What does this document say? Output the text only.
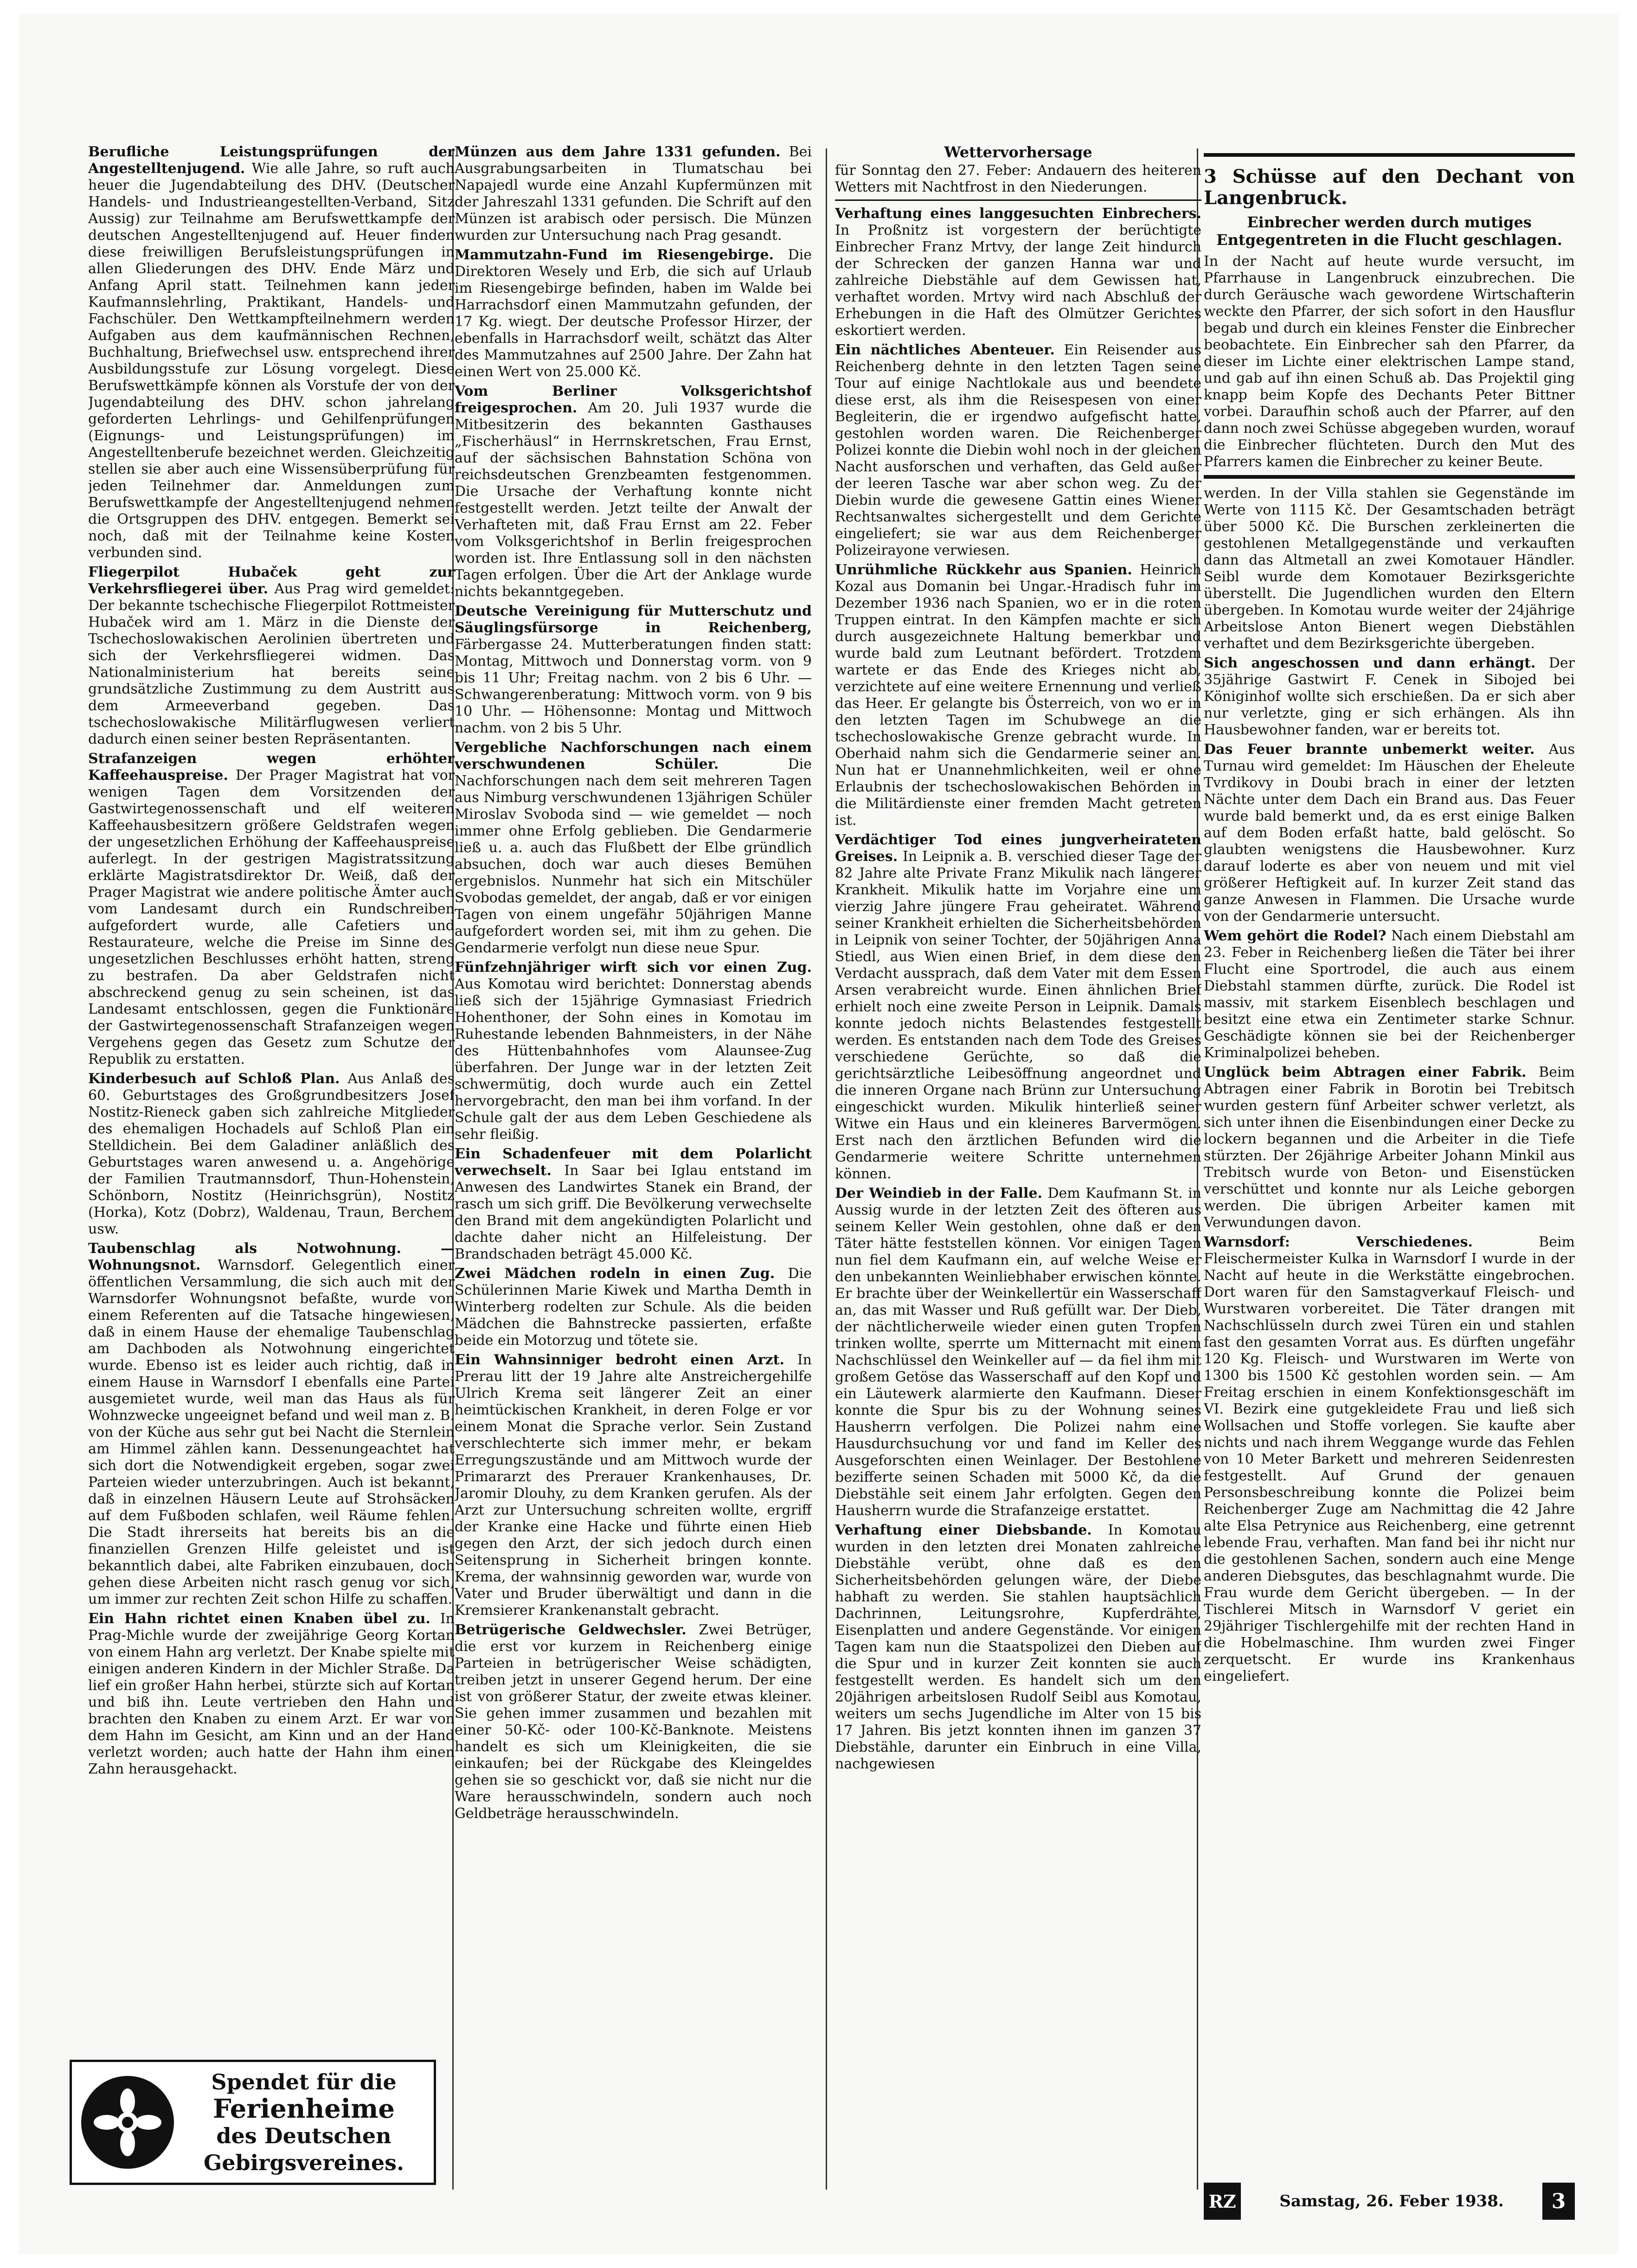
Berufliche Leistungsprüfungen der Angestelltenjugend. Wie alle Jahre, so ruft auch heuer die Jugendabteilung des DHV. (Deutscher Handels- und Industrieangestellten-Verband, Sitz Aussig) zur Teilnahme am Berufswettkampfe der deutschen Angestelltenjugend auf. Heuer finden diese freiwilligen Berufsleistungsprüfungen in allen Gliederungen des DHV. Ende März und Anfang April statt. Teilnehmen kann jeder Kaufmannslehrling, Praktikant, Handels- und Fachschüler. Den Wettkampfteilnehmern werden Aufgaben aus dem kaufmännischen Rechnen, Buchhaltung, Briefwechsel usw. entsprechend ihrer Ausbildungsstufe zur Lösung vorgelegt. Diese Berufswettkämpfe können als Vorstufe der von der Jugendabteilung des DHV. schon jahrelang geforderten Lehrlings- und Gehilfenprüfungen (Eignungs- und Leistungsprüfungen) im Angestelltenberufe bezeichnet werden. Gleichzeitig stellen sie aber auch eine Wissensüberprüfung für jeden Teilnehmer dar. Anmeldungen zum Berufswettkampfe der Angestelltenjugend nehmen die Ortsgruppen des DHV. entgegen. Bemerkt sei noch, daß mit der Teilnahme keine Kosten verbunden sind.

Fliegerpilot Hubaček geht zur Verkehrsfliegerei über. Aus Prag wird gemeldet: Der bekannte tschechische Fliegerpilot Rottmeister Hubaček wird am 1. März in die Dienste der Tschechoslowakischen Aerolinien übertreten und sich der Verkehrsfliegerei widmen. Das Nationalministerium hat bereits seine grundsätzliche Zustimmung zu dem Austritt aus dem Armeeverband gegeben. Das tschechoslowakische Militärflugwesen verliert dadurch einen seiner besten Repräsentanten.

Strafanzeigen wegen erhöhter Kaffeehauspreise. Der Prager Magistrat hat vor wenigen Tagen dem Vorsitzenden der Gastwirtegenossenschaft und elf weiteren Kaffeehausbesitzern größere Geldstrafen wegen der ungesetzlichen Erhöhung der Kaffeehauspreise auferlegt. In der gestrigen Magistratssitzung erklärte Magistratsdirektor Dr. Weiß, daß der Prager Magistrat wie andere politische Ämter auch vom Landesamt durch ein Rundschreiben aufgefordert wurde, alle Cafetiers und Restaurateure, welche die Preise im Sinne des ungesetzlichen Beschlusses erhöht hatten, streng zu bestrafen. Da aber Geldstrafen nicht abschreckend genug zu sein scheinen, ist das Landesamt entschlossen, gegen die Funktionäre der Gastwirtegenossenschaft Strafanzeigen wegen Vergehens gegen das Gesetz zum Schutze der Republik zu erstatten.

Kinderbesuch auf Schloß Plan. Aus Anlaß des 60. Geburtstages des Großgrundbesitzers Josef Nostitz-Rieneck gaben sich zahlreiche Mitglieder des ehemaligen Hochadels auf Schloß Plan ein Stelldichein. Bei dem Galadiner anläßlich des Geburtstages waren anwesend u. a. Angehörige der Familien Trautmannsdorf, Thun-Hohenstein, Schönborn, Nostitz (Heinrichsgrün), Nostitz (Horka), Kotz (Dobrz), Waldenau, Traun, Berchem usw.

Taubenschlag als Notwohnung. — Wohnungsnot. Warnsdorf. Gelegentlich einer öffentlichen Versammlung, die sich auch mit der Warnsdorfer Wohnungsnot befaßte, wurde von einem Referenten auf die Tatsache hingewiesen, daß in einem Hause der ehemalige Taubenschlag am Dachboden als Notwohnung eingerichtet wurde. Ebenso ist es leider auch richtig, daß in einem Hause in Warnsdorf I ebenfalls eine Partei ausgemietet wurde, weil man das Haus als für Wohnzwecke ungeeignet befand und weil man z. B. von der Küche aus sehr gut bei Nacht die Sternlein am Himmel zählen kann. Dessenungeachtet hat sich dort die Notwendigkeit ergeben, sogar zwei Parteien wieder unterzubringen. Auch ist bekannt, daß in einzelnen Häusern Leute auf Strohsäcken auf dem Fußboden schlafen, weil Räume fehlen. Die Stadt ihrerseits hat bereits bis an die finanziellen Grenzen Hilfe geleistet und ist bekanntlich dabei, alte Fabriken einzubauen, doch gehen diese Arbeiten nicht rasch genug vor sich, um immer zur rechten Zeit schon Hilfe zu schaffen.

Ein Hahn richtet einen Knaben übel zu. In Prag-Michle wurde der zweijährige Georg Kortan von einem Hahn arg verletzt. Der Knabe spielte mit einigen anderen Kindern in der Michler Straße. Da lief ein großer Hahn herbei, stürzte sich auf Kortan und biß ihn. Leute vertrieben den Hahn und brachten den Knaben zu einem Arzt. Er war von dem Hahn im Gesicht, am Kinn und an der Hand verletzt worden; auch hatte der Hahn ihm einen Zahn herausgehackt.

Spendet für die
Ferienheime
des Deutschen
Gebirgsvereines.

Münzen aus dem Jahre 1331 gefunden. Bei Ausgrabungsarbeiten in Tlumatschau bei Napajedl wurde eine Anzahl Kupfermünzen mit der Jahreszahl 1331 gefunden. Die Schrift auf den Münzen ist arabisch oder persisch. Die Münzen wurden zur Untersuchung nach Prag gesandt.

Mammutzahn-Fund im Riesengebirge. Die Direktoren Wesely und Erb, die sich auf Urlaub im Riesengebirge befinden, haben im Walde bei Harrachsdorf einen Mammutzahn gefunden, der 17 Kg. wiegt. Der deutsche Professor Hirzer, der ebenfalls in Harrachsdorf weilt, schätzt das Alter des Mammutzahnes auf 2500 Jahre. Der Zahn hat einen Wert von 25.000 Kč.

Vom Berliner Volksgerichtshof freigesprochen. Am 20. Juli 1937 wurde die Mitbesitzerin des bekannten Gasthauses „Fischerhäusl“ in Herrnskretschen, Frau Ernst, auf der sächsischen Bahnstation Schöna von reichsdeutschen Grenzbeamten festgenommen. Die Ursache der Verhaftung konnte nicht festgestellt werden. Jetzt teilte der Anwalt der Verhafteten mit, daß Frau Ernst am 22. Feber vom Volksgerichtshof in Berlin freigesprochen worden ist. Ihre Entlassung soll in den nächsten Tagen erfolgen. Über die Art der Anklage wurde nichts bekanntgegeben.

Deutsche Vereinigung für Mutterschutz und Säuglingsfürsorge in Reichenberg, Färbergasse 24. Mutterberatungen finden statt: Montag, Mittwoch und Donnerstag vorm. von 9 bis 11 Uhr; Freitag nachm. von 2 bis 6 Uhr. — Schwangerenberatung: Mittwoch vorm. von 9 bis 10 Uhr. — Höhensonne: Montag und Mittwoch nachm. von 2 bis 5 Uhr.

Vergebliche Nachforschungen nach einem verschwundenen Schüler.	Die Nachforschungen nach dem seit mehreren Tagen aus Nimburg verschwundenen 13jährigen Schüler Miroslav Svoboda sind — wie gemeldet — noch immer ohne Erfolg geblieben. Die Gendarmerie ließ u. a. auch das Flußbett der Elbe gründlich absuchen, doch war auch dieses Bemühen ergebnislos. Nunmehr hat sich ein Mitschüler Svobodas gemeldet, der angab, daß er vor einigen Tagen von einem ungefähr 50jährigen Manne aufgefordert worden sei, mit ihm zu gehen. Die Gendarmerie verfolgt nun diese neue Spur.

Fünfzehnjähriger wirft sich vor einen Zug. Aus Komotau wird berichtet: Donnerstag abends ließ sich der 15jährige Gymnasiast Friedrich Hohenthoner, der Sohn eines in Komotau im Ruhestande lebenden Bahnmeisters, in der Nähe des Hüttenbahnhofes vom Alaunsee-Zug überfahren. Der Junge war in der letzten Zeit schwermütig, doch wurde auch ein Zettel hervorgebracht, den man bei ihm vorfand. In der Schule galt der aus dem Leben Geschiedene als sehr fleißig.

Ein Schadenfeuer mit dem Polarlicht verwechselt. In Saar bei Iglau entstand im Anwesen des Landwirtes Stanek ein Brand, der rasch um sich griff. Die Bevölkerung verwechselte den Brand mit dem angekündigten Polarlicht und dachte daher nicht an Hilfeleistung. Der Brandschaden beträgt 45.000 Kč.

Zwei Mädchen rodeln in einen Zug. Die Schülerinnen Marie Kiwek und Martha Demth in Winterberg rodelten zur Schule. Als die beiden Mädchen die Bahnstrecke passierten, erfaßte beide ein Motorzug und tötete sie.

Ein Wahnsinniger bedroht einen Arzt. In Prerau litt der 19 Jahre alte Anstreichergehilfe Ulrich Krema seit längerer Zeit an einer heimtückischen Krankheit, in deren Folge er vor einem Monat die Sprache verlor. Sein Zustand verschlechterte sich immer mehr, er bekam Erregungszustände und am Mittwoch wurde der Primararzt des Prerauer Krankenhauses, Dr. Jaromir Dlouhy, zu dem Kranken gerufen. Als der Arzt zur Untersuchung schreiten wollte, ergriff der Kranke eine Hacke und führte einen Hieb gegen den Arzt, der sich jedoch durch einen Seitensprung in Sicherheit bringen konnte. Krema, der wahnsinnig geworden war, wurde von Vater und Bruder überwältigt und dann in die Kremsierer Krankenanstalt gebracht.

Betrügerische Geldwechsler. Zwei Betrüger, die erst vor kurzem in Reichenberg einige Parteien in betrügerischer Weise schädigten, treiben jetzt in unserer Gegend herum. Der eine ist von größerer Statur, der zweite etwas kleiner. Sie gehen immer zusammen und bezahlen mit einer 50-Kč- oder 100-Kč-Banknote. Meistens handelt es sich um Kleinigkeiten, die sie einkaufen; bei der Rückgabe des Kleingeldes gehen sie so geschickt vor, daß sie nicht nur die Ware herausschwindeln, sondern auch noch Geldbeträge herausschwindeln.

Wettervorhersage

für Sonntag den 27. Feber: Andauern des heiteren Wetters mit Nachtfrost in den Niederungen.

Verhaftung eines langgesuchten Einbrechers. In Proßnitz ist vorgestern der berüchtigte Einbrecher Franz Mrtvy, der lange Zeit hindurch der Schrecken der ganzen Hanna war und zahlreiche Diebstähle auf dem Gewissen hat, verhaftet worden. Mrtvy wird nach Abschluß der Erhebungen in die Haft des Olmützer Gerichtes eskortiert werden.

Ein nächtliches Abenteuer. Ein Reisender aus Reichenberg dehnte in den letzten Tagen seine Tour auf einige Nachtlokale aus und beendete diese erst, als ihm die Reisespesen von einer Begleiterin, die er irgendwo aufgefischt hatte, gestohlen worden waren. Die Reichenberger Polizei konnte die Diebin wohl noch in der gleichen Nacht ausforschen und verhaften, das Geld außer der leeren Tasche war aber schon weg. Zu der Diebin wurde die gewesene Gattin eines Wiener Rechtsanwaltes sichergestellt und dem Gerichte eingeliefert; sie war aus dem Reichenberger Polizeirayone verwiesen.

Unrühmliche Rückkehr aus Spanien. Heinrich Kozal aus Domanin bei Ungar.-Hradisch fuhr im Dezember 1936 nach Spanien, wo er in die roten Truppen eintrat. In den Kämpfen machte er sich durch ausgezeichnete Haltung bemerkbar und wurde bald zum Leutnant befördert. Trotzdem wartete er das Ende des Krieges nicht ab, verzichtete auf eine weitere Ernennung und verließ das Heer. Er gelangte bis Österreich, von wo er in den letzten Tagen im Schubwege an die tschechoslowakische Grenze gebracht wurde. In Oberhaid nahm sich die Gendarmerie seiner an. Nun hat er Unannehmlichkeiten, weil er ohne Erlaubnis der tschechoslowakischen Behörden in die Militärdienste einer fremden Macht getreten ist.

Verdächtiger Tod eines jungverheirateten Greises. In Leipnik a. B. verschied dieser Tage der 82 Jahre alte Private Franz Mikulik nach längerer Krankheit. Mikulik hatte im Vorjahre eine um vierzig Jahre jüngere Frau geheiratet. Während seiner Krankheit erhielten die Sicherheitsbehörden in Leipnik von seiner Tochter, der 50jährigen Anna Stiedl, aus Wien einen Brief, in dem diese den Verdacht aussprach, daß dem Vater mit dem Essen Arsen verabreicht wurde. Einen ähnlichen Brief erhielt noch eine zweite Person in Leipnik. Damals konnte jedoch nichts Belastendes festgestellt werden. Es entstanden nach dem Tode des Greises verschiedene Gerüchte, so daß die gerichtsärztliche Leibesöffnung angeordnet und die inneren Organe nach Brünn zur Untersuchung eingeschickt wurden. Mikulik hinterließ seiner Witwe ein Haus und ein kleineres Barvermögen. Erst nach den ärztlichen Befunden wird die Gendarmerie weitere Schritte unternehmen können.

Der Weindieb in der Falle. Dem Kaufmann St. in Aussig wurde in der letzten Zeit des öfteren aus seinem Keller Wein gestohlen, ohne daß er den Täter hätte feststellen können. Vor einigen Tagen nun fiel dem Kaufmann ein, auf welche Weise er den unbekannten Weinliebhaber erwischen könnte. Er brachte über der Weinkellertür ein Wasserschaff an, das mit Wasser und Ruß gefüllt war. Der Dieb, der nächtlicherweile wieder einen guten Tropfen trinken wollte, sperrte um Mitternacht mit einem Nachschlüssel den Weinkeller auf — da fiel ihm mit großem Getöse das Wasserschaff auf den Kopf und ein Läutewerk alarmierte den Kaufmann. Dieser konnte die Spur bis zu der Wohnung seines Hausherrn verfolgen. Die Polizei nahm eine Hausdurchsuchung vor und fand im Keller des Ausgeforschten einen Weinlager. Der Bestohlene bezifferte seinen Schaden mit 5000 Kč, da die Diebstähle seit einem Jahr erfolgten. Gegen den Hausherrn wurde die Strafanzeige erstattet.

Verhaftung einer Diebsbande. In Komotau wurden in den letzten drei Monaten zahlreiche Diebstähle verübt, ohne daß es den Sicherheitsbehörden gelungen wäre, der Diebe habhaft zu werden. Sie stahlen hauptsächlich Dachrinnen, Leitungsrohre, Kupferdrähte, Eisenplatten und andere Gegenstände. Vor einigen Tagen kam nun die Staatspolizei den Dieben auf die Spur und in kurzer Zeit konnten sie auch festgestellt werden. Es handelt sich um den 20jährigen arbeitslosen Rudolf Seibl aus Komotau, weiters um sechs Jugendliche im Alter von 15 bis 17 Jahren. Bis jetzt konnten ihnen im ganzen 37 Diebstähle, darunter ein Einbruch in eine Villa, nachgewiesen

3 Schüsse auf den Dechant von Langenbruck.
Einbrecher werden durch mutiges Entgegentreten in die Flucht geschlagen.

In der Nacht auf heute wurde versucht, im Pfarrhause in Langenbruck einzubrechen. Die durch Geräusche wach gewordene Wirtschafterin weckte den Pfarrer, der sich sofort in den Hausflur begab und durch ein kleines Fenster die Einbrecher beobachtete. Ein Einbrecher sah den Pfarrer, da dieser im Lichte einer elektrischen Lampe stand, und gab auf ihn einen Schuß ab. Das Projektil ging knapp beim Kopfe des Dechants Peter Bittner vorbei. Daraufhin schoß auch der Pfarrer, auf den dann noch zwei Schüsse abgegeben wurden, worauf die Einbrecher flüchteten. Durch den Mut des Pfarrers kamen die Einbrecher zu keiner Beute.

werden. In der Villa stahlen sie Gegenstände im Werte von 1115 Kč. Der Gesamtschaden beträgt über 5000 Kč. Die Burschen zerkleinerten die gestohlenen Metallgegenstände und verkauften dann das Altmetall an zwei Komotauer Händler. Seibl wurde dem Komotauer Bezirksgerichte überstellt. Die Jugendlichen wurden den Eltern übergeben. In Komotau wurde weiter der 24jährige Arbeitslose Anton Bienert wegen Diebstählen verhaftet und dem Bezirksgerichte übergeben.

Sich angeschossen und dann erhängt. Der 35jährige Gastwirt F. Cenek in Sibojed bei Königinhof wollte sich erschießen. Da er sich aber nur verletzte, ging er sich erhängen. Als ihn Hausbewohner fanden, war er bereits tot.

Das Feuer brannte unbemerkt weiter. Aus Turnau wird gemeldet: Im Häuschen der Eheleute Tvrdikovy in Doubi brach in einer der letzten Nächte unter dem Dach ein Brand aus. Das Feuer wurde bald bemerkt und, da es erst einige Balken auf dem Boden erfaßt hatte, bald gelöscht. So glaubten wenigstens die Hausbewohner. Kurz darauf loderte es aber von neuem und mit viel größerer Heftigkeit auf. In kurzer Zeit stand das ganze Anwesen in Flammen. Die Ursache wurde von der Gendarmerie untersucht.

Wem gehört die Rodel? Nach einem Diebstahl am 23. Feber in Reichenberg ließen die Täter bei ihrer Flucht eine Sportrodel, die auch aus einem Diebstahl stammen dürfte, zurück. Die Rodel ist massiv, mit starkem Eisenblech beschlagen und besitzt eine etwa ein Zentimeter starke Schnur. Geschädigte können sie bei der Reichenberger Kriminalpolizei beheben.

Unglück beim Abtragen einer Fabrik. Beim Abtragen einer Fabrik in Borotin bei Trebitsch wurden gestern fünf Arbeiter schwer verletzt, als sich unter ihnen die Eisenbindungen einer Decke zu lockern begannen und die Arbeiter in die Tiefe stürzten. Der 26jährige Arbeiter Johann Minkil aus Trebitsch wurde von Beton- und Eisenstücken verschüttet und konnte nur als Leiche geborgen werden. Die übrigen Arbeiter kamen mit Verwundungen davon.

Warnsdorf: Verschiedenes.	Beim Fleischermeister Kulka in Warnsdorf I wurde in der Nacht auf heute in die Werkstätte eingebrochen. Dort waren für den Samstagverkauf Fleisch- und Wurstwaren vorbereitet. Die Täter drangen mit Nachschlüsseln durch zwei Türen ein und stahlen fast den gesamten Vorrat aus. Es dürften ungefähr 120 Kg. Fleisch- und Wurstwaren im Werte von 1300 bis 1500 Kč gestohlen worden sein. — Am Freitag erschien in einem Konfektionsgeschäft im VI. Bezirk eine gutgekleidete Frau und ließ sich Wollsachen und Stoffe vorlegen. Sie kaufte aber nichts und nach ihrem Weggange wurde das Fehlen von 10 Meter Barkett und mehreren Seidenresten festgestellt. Auf Grund der genauen Personsbeschreibung konnte die Polizei beim Reichenberger Zuge am Nachmittag die 42 Jahre alte Elsa Petrynice aus Reichenberg, eine getrennt lebende Frau, verhaften. Man fand bei ihr nicht nur die gestohlenen Sachen, sondern auch eine Menge anderen Diebsgutes, das beschlagnahmt wurde. Die Frau wurde dem Gericht übergeben. — In der Tischlerei Mitsch in Warnsdorf V geriet ein 29jähriger Tischlergehilfe mit der rechten Hand in die Hobelmaschine. Ihm wurden zwei Finger zerquetscht. Er wurde ins Krankenhaus eingeliefert.

RZ	Samstag, 26. Feber 1938.	3
